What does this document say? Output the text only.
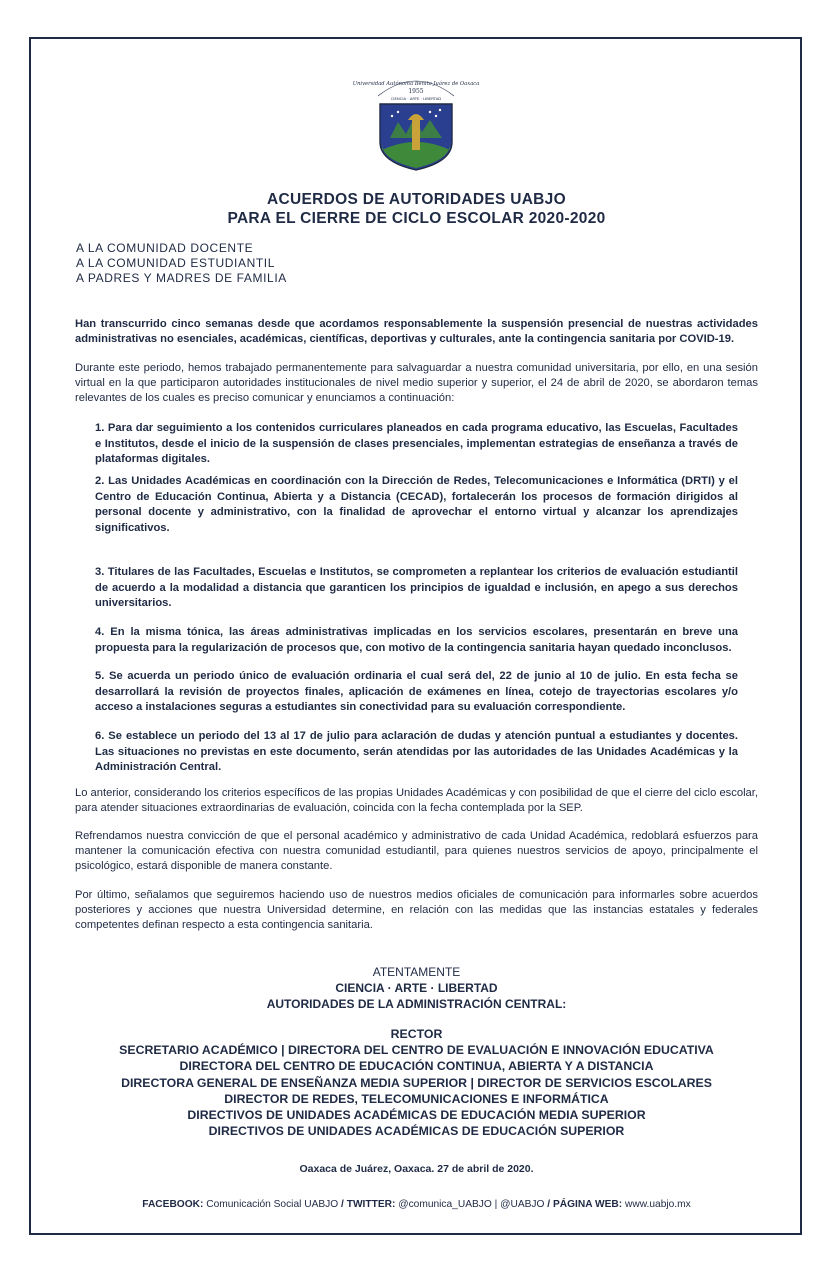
Universidad Autónoma Benito Juárez de Oaxaca
1955
CIENCIA · ARTE · LIBERTAD
ACUERDOS DE AUTORIDADES UABJO
PARA EL CIERRE DE CICLO ESCOLAR 2020-2020
A LA COMUNIDAD DOCENTE
A LA COMUNIDAD ESTUDIANTIL
A PADRES Y MADRES DE FAMILIA
Han transcurrido cinco semanas desde que acordamos responsablemente la suspensión presencial de nuestras actividades administrativas no esenciales, académicas, científicas, deportivas y culturales, ante la contingencia sanitaria por COVID-19.
Durante este periodo, hemos trabajado permanentemente para salvaguardar a nuestra comunidad universitaria, por ello, en una sesión virtual en la que participaron autoridades institucionales de nivel medio superior y superior, el 24 de abril de 2020, se abordaron temas relevantes de los cuales es preciso comunicar y enunciamos a continuación:
1. Para dar seguimiento a los contenidos curriculares planeados en cada programa educativo, las Escuelas, Facultades e Institutos, desde el inicio de la suspensión de clases presenciales, implementan estrategias de enseñanza a través de plataformas digitales.
2. Las Unidades Académicas en coordinación con la Dirección de Redes, Telecomunicaciones e Informática (DRTI) y el Centro de Educación Continua, Abierta y a Distancia (CECAD), fortalecerán los procesos de formación dirigidos al personal docente y administrativo, con la finalidad de aprovechar el entorno virtual y alcanzar los aprendizajes significativos.
3. Titulares de las Facultades, Escuelas e Institutos, se comprometen a replantear los criterios de evaluación estudiantil de acuerdo a la modalidad a distancia que garanticen los principios de igualdad e inclusión, en apego a sus derechos universitarios.
4. En la misma tónica, las áreas administrativas implicadas en los servicios escolares, presentarán en breve una propuesta para la regularización de procesos que, con motivo de la contingencia sanitaria hayan quedado inconclusos.
5. Se acuerda un periodo único de evaluación ordinaria el cual será del, 22 de junio al 10 de julio. En esta fecha se desarrollará la revisión de proyectos finales, aplicación de exámenes en línea, cotejo de trayectorias escolares y/o acceso a instalaciones seguras a estudiantes sin conectividad para su evaluación correspondiente.
6. Se establece un periodo del 13 al 17 de julio para aclaración de dudas y atención puntual a estudiantes y docentes. Las situaciones no previstas en este documento, serán atendidas por las autoridades de las Unidades Académicas y la Administración Central.
Lo anterior, considerando los criterios específicos de las propias Unidades Académicas y con posibilidad de que el cierre del ciclo escolar, para atender situaciones extraordinarias de evaluación, coincida con la fecha contemplada por la SEP.
Refrendamos nuestra convicción de que el personal académico y administrativo de cada Unidad Académica, redoblará esfuerzos para mantener la comunicación efectiva con nuestra comunidad estudiantil, para quienes nuestros servicios de apoyo, principalmente el psicológico, estará disponible de manera constante.
Por último, señalamos que seguiremos haciendo uso de nuestros medios oficiales de comunicación para informarles sobre acuerdos posteriores y acciones que nuestra Universidad determine, en relación con las medidas que las instancias estatales y federales competentes definan respecto a esta contingencia sanitaria.
ATENTAMENTE
CIENCIA · ARTE · LIBERTAD
AUTORIDADES DE LA ADMINISTRACIÓN CENTRAL:
RECTOR
SECRETARIO ACADÉMICO | DIRECTORA DEL CENTRO DE EVALUACIÓN E INNOVACIÓN EDUCATIVA
DIRECTORA DEL CENTRO DE EDUCACIÓN CONTINUA, ABIERTA Y A DISTANCIA
DIRECTORA GENERAL DE ENSEÑANZA MEDIA SUPERIOR | DIRECTOR DE SERVICIOS ESCOLARES
DIRECTOR DE REDES, TELECOMUNICACIONES E INFORMÁTICA
DIRECTIVOS DE UNIDADES ACADÉMICAS DE EDUCACIÓN MEDIA SUPERIOR
DIRECTIVOS DE UNIDADES ACADÉMICAS DE EDUCACIÓN SUPERIOR
Oaxaca de Juárez, Oaxaca. 27 de abril de 2020.
FACEBOOK: Comunicación Social UABJO / TWITTER: @comunica_UABJO | @UABJO / PÁGINA WEB: www.uabjo.mx
